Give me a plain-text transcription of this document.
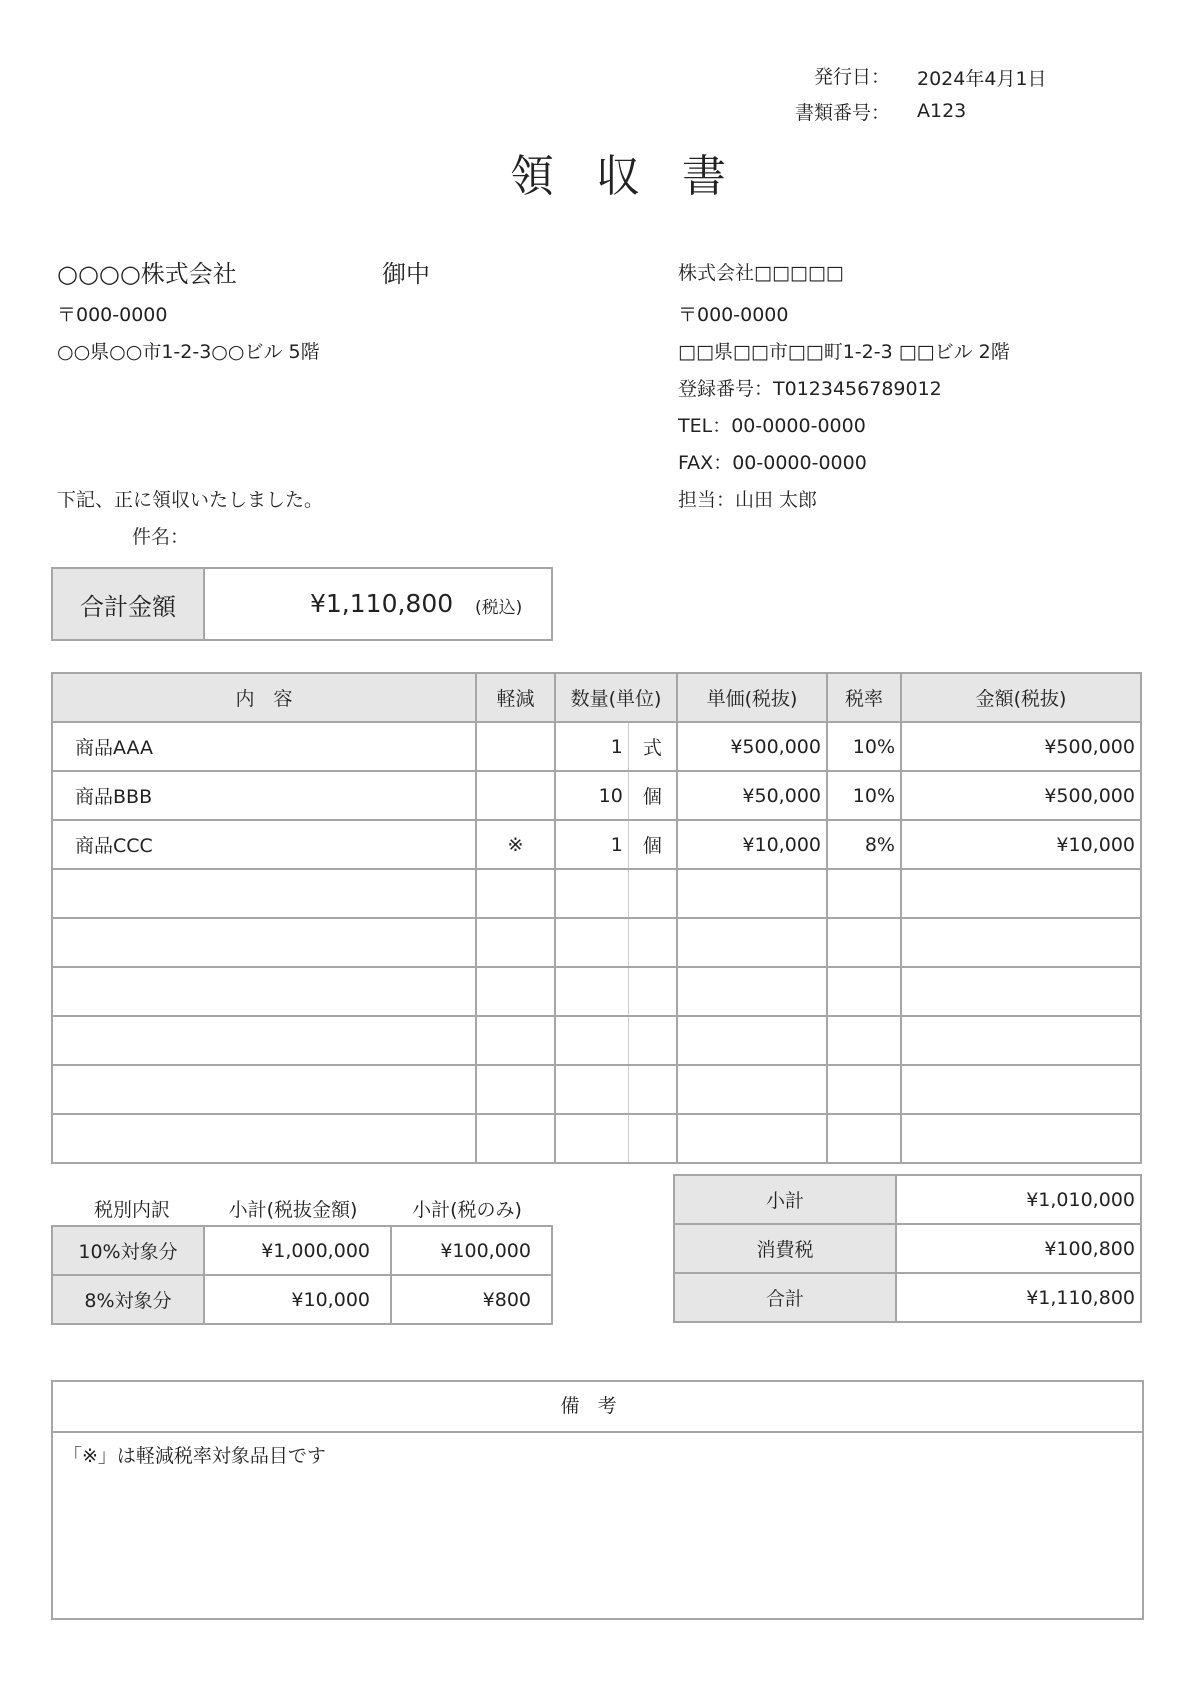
発行日： 2024年4月1日
書類番号： A123
領 収 書
○○○○株式会社	御中
〒000-0000
○○県○○市1-2-3○○ビル 5階
株式会社□□□□□
〒000-0000
□□県□□市□□町1-2-3 □□ビル 2階
登録番号：T0123456789012
TEL：00-0000-0000
FAX：00-0000-0000
担当：山田 太郎
下記、正に領収いたしました。
件名：
合計金額	¥1,110,800 (税込)
内　容	軽減	数量(単位)		単価(税抜)	税率	金額(税抜)
商品AAA		1	式	¥500,000	10%	¥500,000
商品BBB		10	個	¥50,000	10%	¥500,000
商品CCC	※	1	個	¥10,000	8%	¥10,000

税別内訳	小計(税抜金額)	小計(税のみ)
10%対象分	¥1,000,000	¥100,000
8%対象分	¥10,000	¥800
小計	¥1,010,000
消費税	¥100,800
合計	¥1,110,800
備考
「※」は軽減税率対象品目です
